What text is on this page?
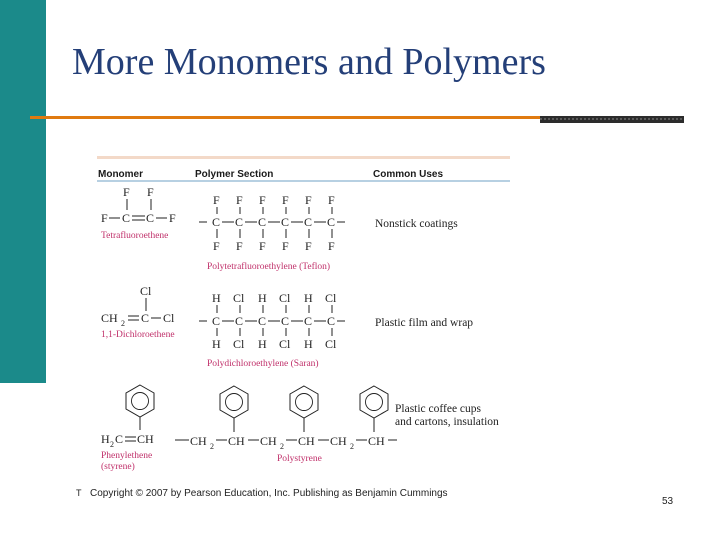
More Monomers and Polymers
Monomer	Polymer Section	Common Uses
F F
F C C F
Tetrafluoroethene
F F F F F F
C C C C C C
F F F F F F
Polytetrafluoroethylene (Teflon)
Nonstick coatings
Cl
CH 2 C Cl
1,1-Dichloroethene
H Cl H Cl H Cl
C C C C C C
H Cl H Cl H Cl
Polydichloroethylene (Saran)
Plastic film and wrap
H 2 C CH
Phenylethene
(styrene)
CH 2 CH CH 2 CH CH 2 CH
Polystyrene
Plastic coffee cups
and cartons, insulation
T Copyright © 2007 by Pearson Education, Inc. Publishing as Benjamin Cummings
53
